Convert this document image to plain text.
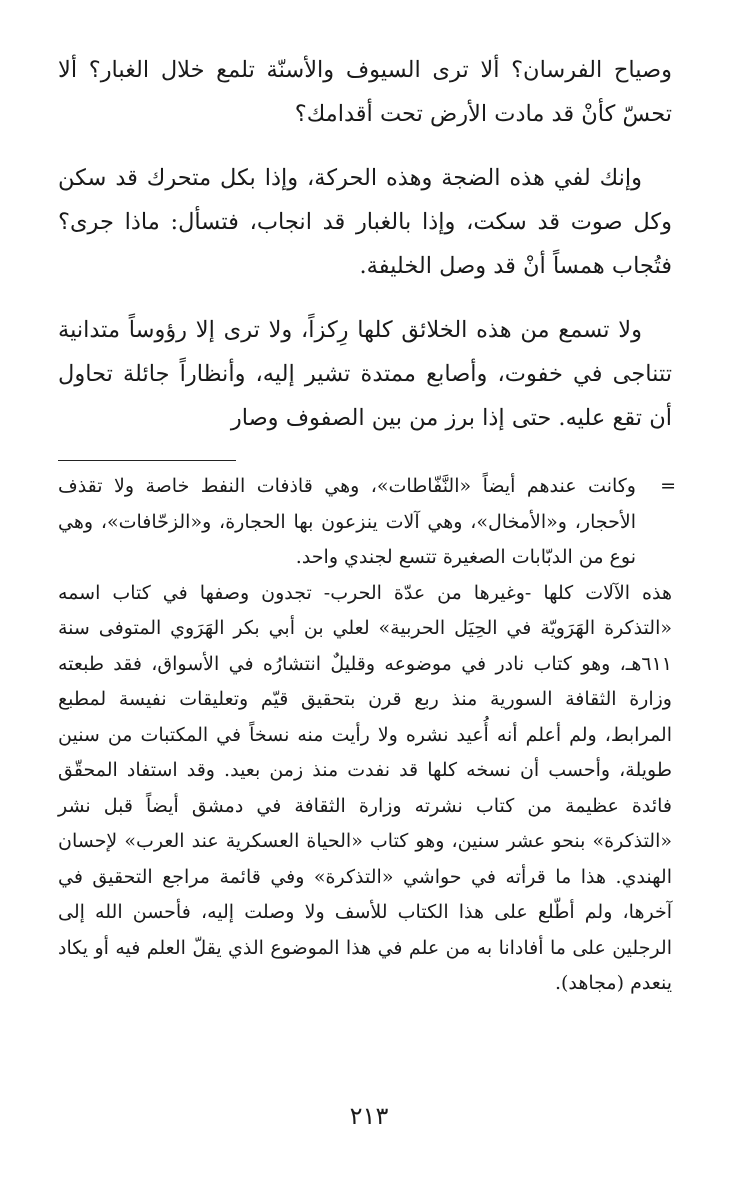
وصياح الفرسان؟ ألا ترى السيوف والأسنّة تلمع خلال الغبار؟ ألا تحسّ كأنْ قد مادت الأرض تحت أقدامك؟

وإنك لفي هذه الضجة وهذه الحركة، وإذا بكل متحرك قد سكن وكل صوت قد سكت، وإذا بالغبار قد انجاب، فتسأل: ماذا جرى؟ فتُجاب همساً أنْ قد وصل الخليفة.

ولا تسمع من هذه الخلائق كلها رِكزاً، ولا ترى إلا رؤوساً متدانية تتناجى في خفوت، وأصابع ممتدة تشير إليه، وأنظاراً جائلة تحاول أن تقع عليه. حتى إذا برز من بين الصفوف وصار

=

وكانت عندهم أيضاً «النَّفّاطات»، وهي قاذفات النفط خاصة ولا تقذف الأحجار، و«الأمخال»، وهي آلات ينزعون بها الحجارة، و«الزحّافات»، وهي نوع من الدبّابات الصغيرة تتسع لجندي واحد.

هذه الآلات كلها -وغيرها من عدّة الحرب- تجدون وصفها في كتاب اسمه «التذكرة الهَرَويّة في الحِيَل الحربية» لعلي بن أبي بكر الهَرَوي المتوفى سنة ٦١١هـ، وهو كتاب نادر في موضوعه وقليلٌ انتشارُه في الأسواق، فقد طبعته وزارة الثقافة السورية منذ ربع قرن بتحقيق قيّم وتعليقات نفيسة لمطبع المرابط، ولم أعلم أنه أُعيد نشره ولا رأيت منه نسخاً في المكتبات من سنين طويلة، وأحسب أن نسخه كلها قد نفدت منذ زمن بعيد. وقد استفاد المحقّق فائدة عظيمة من كتاب نشرته وزارة الثقافة في دمشق أيضاً قبل نشر «التذكرة» بنحو عشر سنين، وهو كتاب «الحياة العسكرية عند العرب» لإحسان الهندي. هذا ما قرأته في حواشي «التذكرة» وفي قائمة مراجع التحقيق في آخرها، ولم أطّلع على هذا الكتاب للأسف ولا وصلت إليه، فأحسن الله إلى الرجلين على ما أفادانا به من علم في هذا الموضوع الذي يقلّ العلم فيه أو يكاد ينعدم (مجاهد).

٢١٣
